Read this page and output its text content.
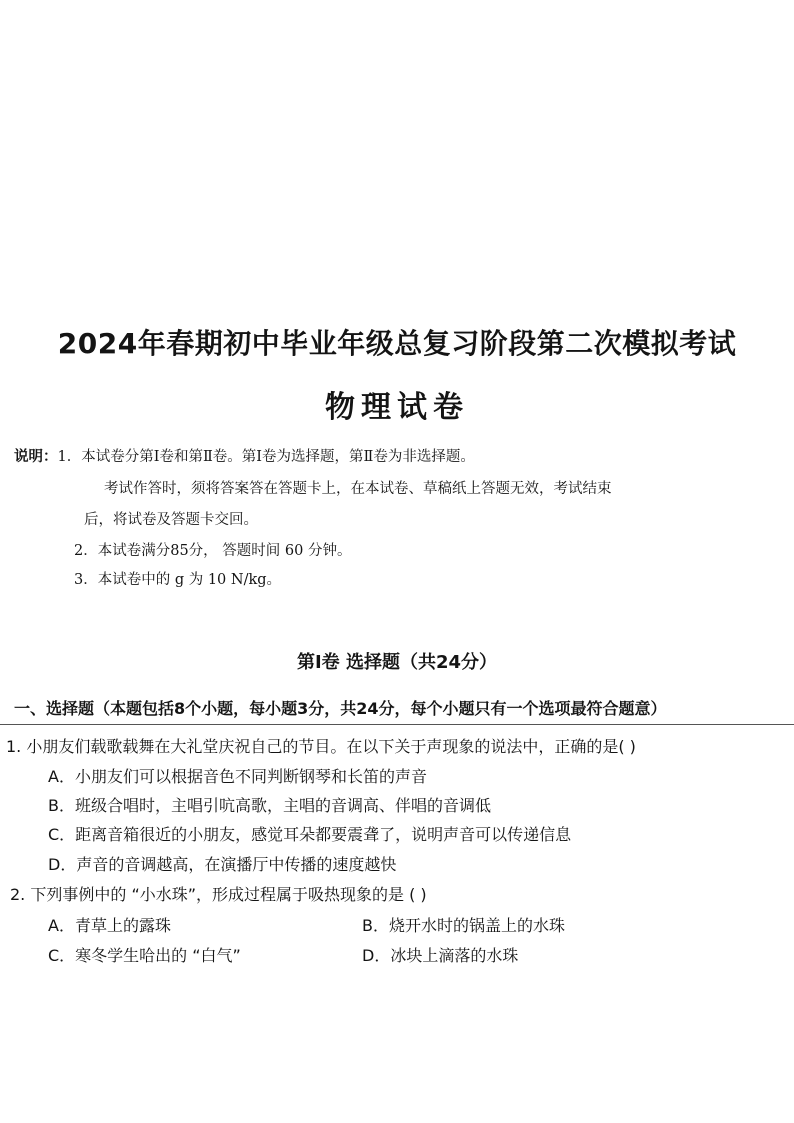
2024年春期初中毕业年级总复习阶段第二次模拟考试
物理试卷
说明：1．本试卷分第Ⅰ卷和第Ⅱ卷。第Ⅰ卷为选择题，第Ⅱ卷为非选择题。
考试作答时，须将答案答在答题卡上，在本试卷、草稿纸上答题无效，考试结束
后，将试卷及答题卡交回。
2．本试卷满分85分， 答题时间 60 分钟。
3．本试卷中的 g 为 10 N/kg。
第Ⅰ卷 选择题（共24分）
一、选择题（本题包括8个小题，每小题3分，共24分，每个小题只有一个选项最符合题意）
1. 小朋友们载歌载舞在大礼堂庆祝自己的节目。在以下关于声现象的说法中，正确的是( )
A．小朋友们可以根据音色不同判断钢琴和长笛的声音
B．班级合唱时，主唱引吭高歌，主唱的音调高、伴唱的音调低
C．距离音箱很近的小朋友，感觉耳朵都要震聋了，说明声音可以传递信息
D．声音的音调越高，在演播厅中传播的速度越快
2. 下列事例中的 “小水珠”，形成过程属于吸热现象的是 ( )
A．青草上的露珠	B．烧开水时的锅盖上的水珠
C．寒冬学生哈出的 “白气”	D．冰块上滴落的水珠
